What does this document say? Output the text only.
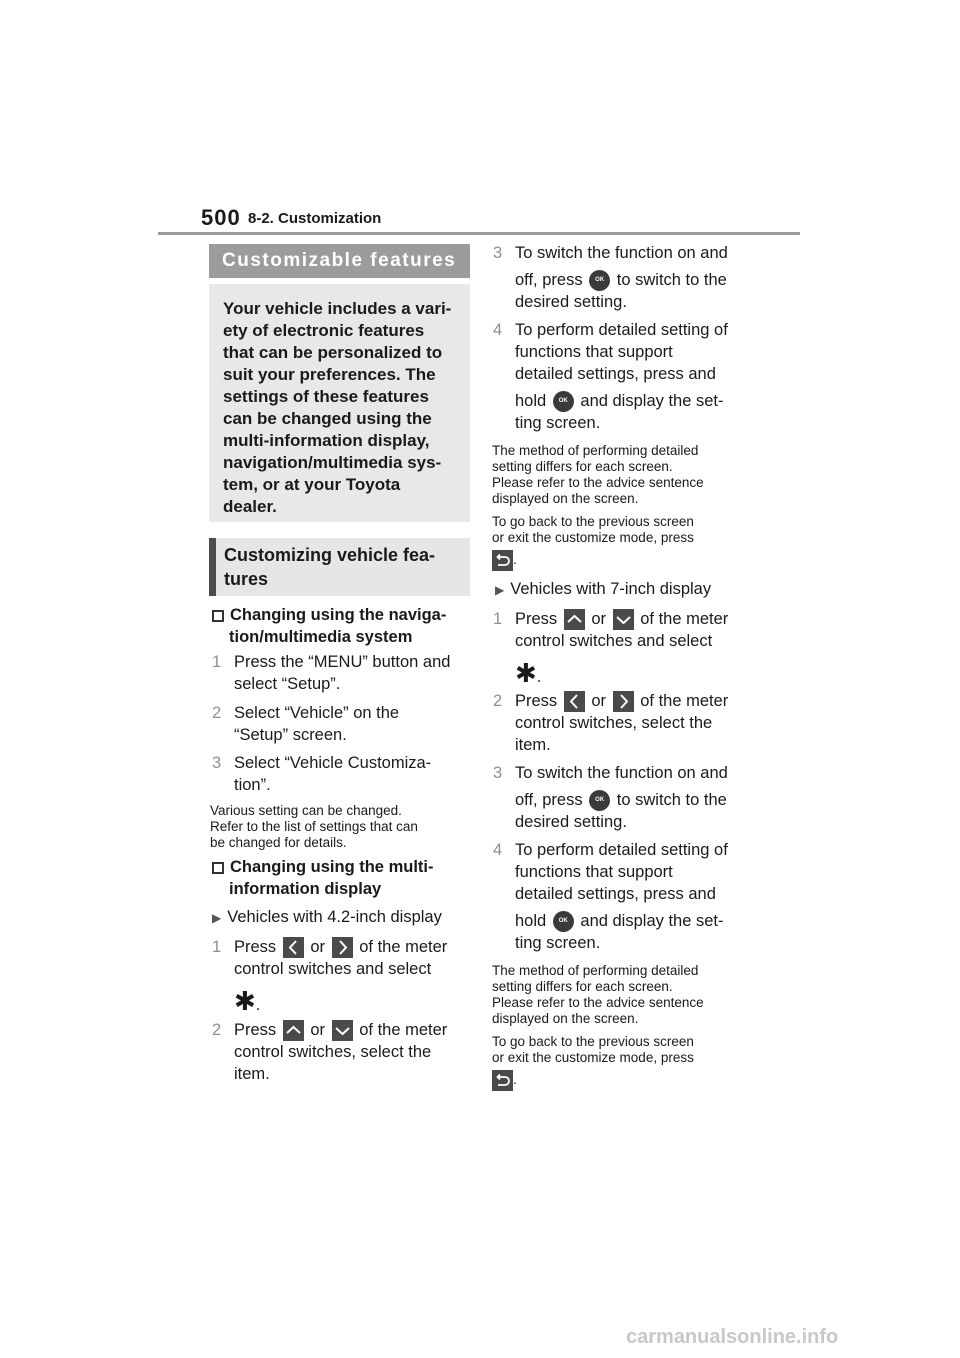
500 8-2. Customization
Customizable features
Your vehicle includes a vari-
ety of electronic features
that can be personalized to
suit your preferences. The
settings of these features
can be changed using the
multi-information display,
navigation/multimedia sys-
tem, or at your Toyota
dealer.
Customizing vehicle fea-
tures
Changing using the naviga-
tion/multimedia system
1 Press the “MENU” button and
select “Setup”.
2 Select “Vehicle” on the
“Setup” screen.
3 Select “Vehicle Customiza-
tion”.
Various setting can be changed.
Refer to the list of settings that can
be changed for details.
Changing using the multi-
information display
▶ Vehicles with 4.2-inch display
1 Press or of the meter
control switches and select
✱.
2 Press or of the meter
control switches, select the
item.
3 To switch the function on and
off, press OK to switch to the
desired setting.
4 To perform detailed setting of
functions that support
detailed settings, press and
hold OK and display the set-
ting screen.
The method of performing detailed
setting differs for each screen.
Please refer to the advice sentence
displayed on the screen.
To go back to the previous screen
or exit the customize mode, press
.
▶ Vehicles with 7-inch display
1 Press or of the meter
control switches and select
✱.
2 Press or of the meter
control switches, select the
item.
3 To switch the function on and
off, press OK to switch to the
desired setting.
4 To perform detailed setting of
functions that support
detailed settings, press and
hold OK and display the set-
ting screen.
The method of performing detailed
setting differs for each screen.
Please refer to the advice sentence
displayed on the screen.
To go back to the previous screen
or exit the customize mode, press
.
carmanualsonline.info
